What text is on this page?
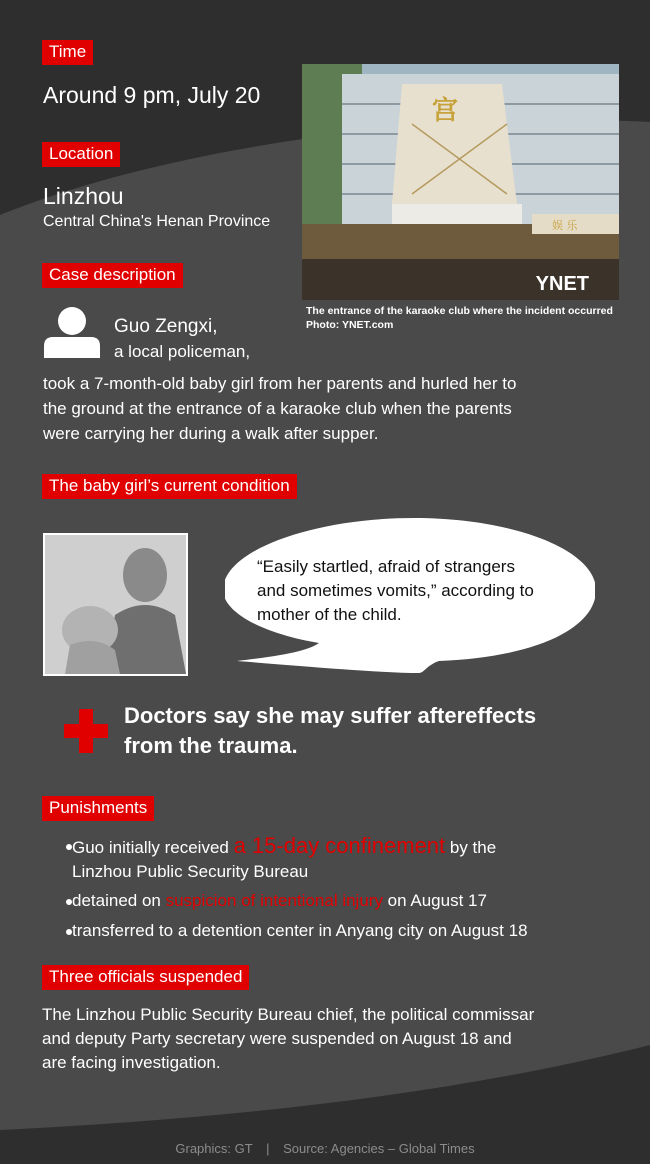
Time
Around 9 pm, July 20
Location
Linzhou
Central China's Henan Province
宫
娱 乐
YNET
The entrance of the karaoke club where the incident occurred
Photo: YNET.com
Case description
Guo Zengxi,
a local policeman,
took a 7-month-old baby girl from her parents and hurled her to
the ground at the entrance of a karaoke club when the parents
were carrying her during a walk after supper.
The baby girl’s current condition
“Easily startled, afraid of strangers
and sometimes vomits,” according to
mother of the child.
Doctors say she may suffer aftereffects
from the trauma.
Punishments
Guo initially received a 15-day confinement by the
Linzhou Public Security Bureau
detained on suspicion of intentional injury on August 17
transferred to a detention center in Anyang city on August 18
Three officials suspended
The Linzhou Public Security Bureau chief, the political commissar
and deputy Party secretary were suspended on August 18 and
are facing investigation.
Graphics: GT | Source: Agencies – Global Times
